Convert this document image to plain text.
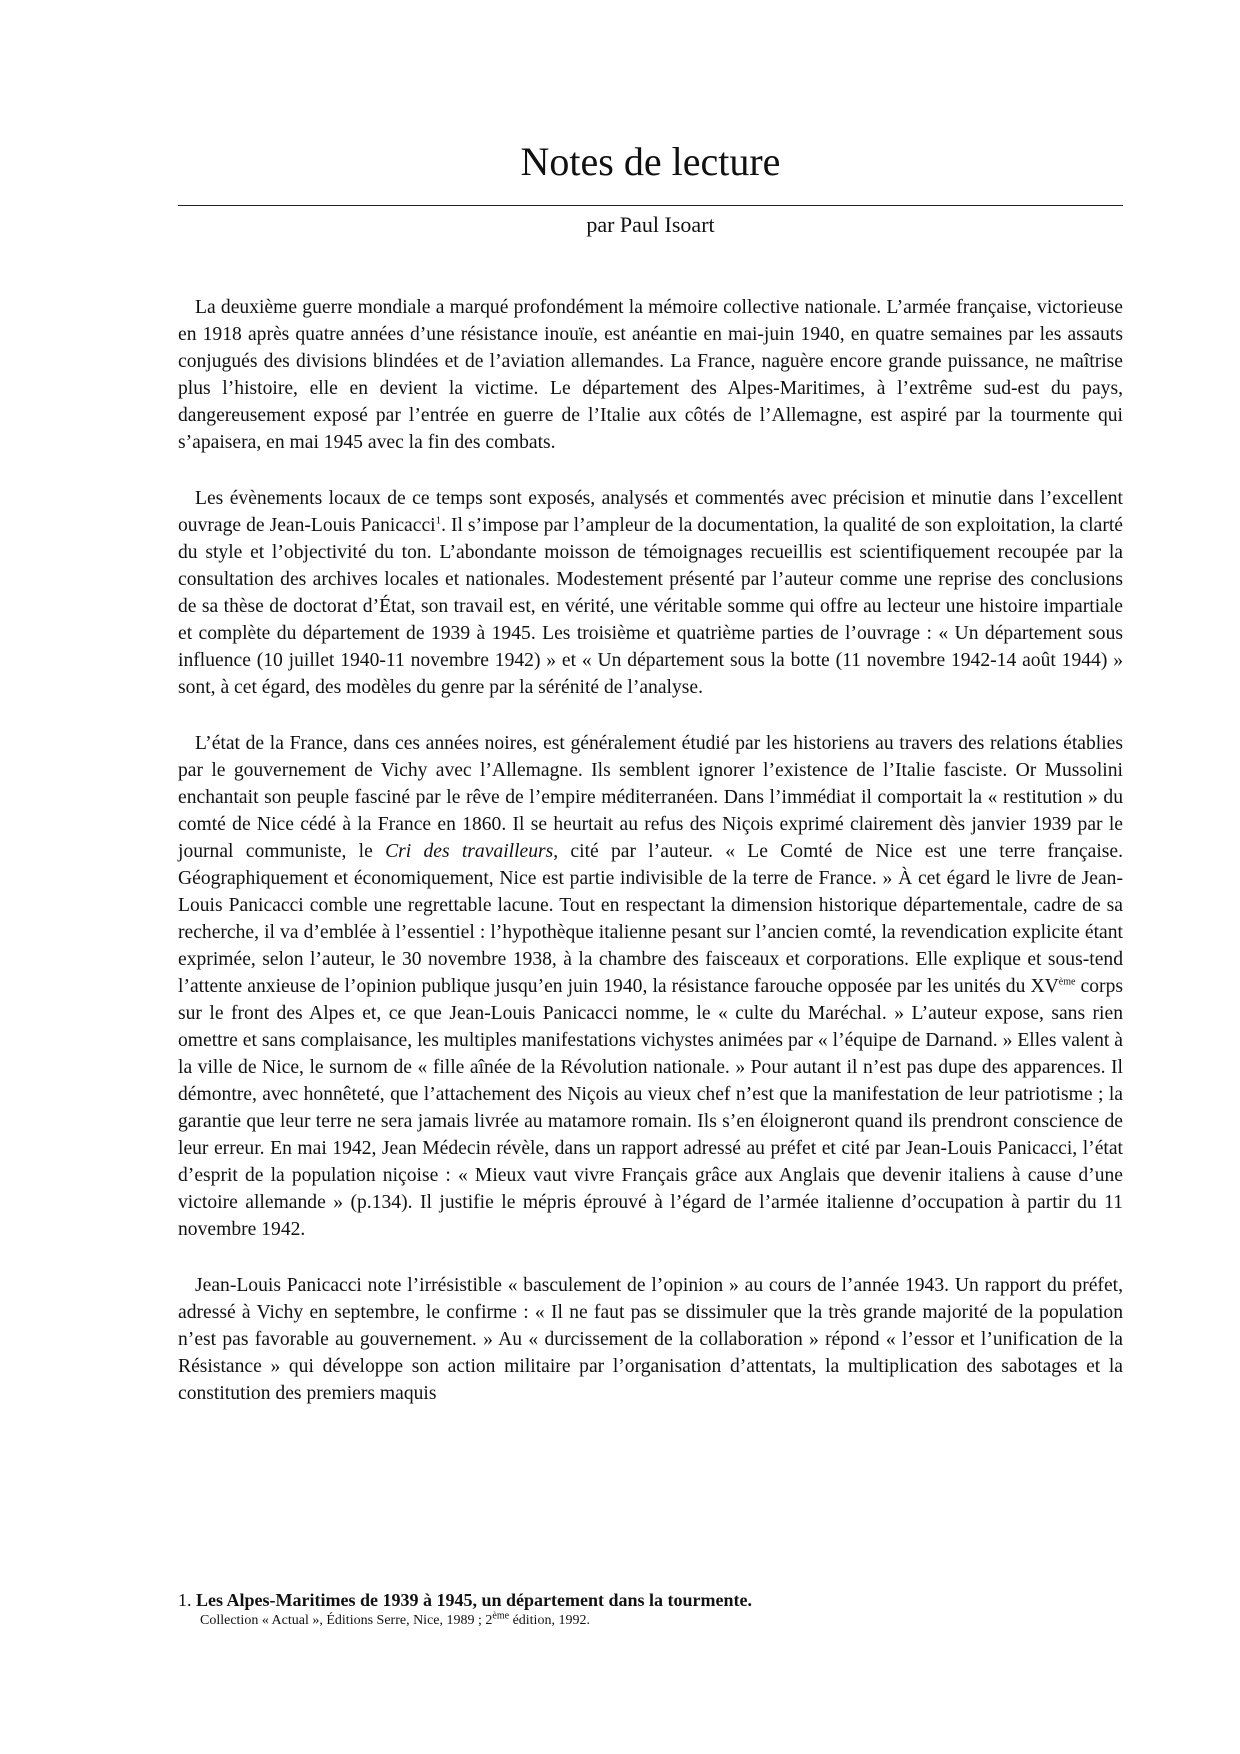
Notes de lecture
par Paul Isoart

La deuxième guerre mondiale a marqué profondément la mémoire collective nationale. L’armée française, victorieuse en 1918 après quatre années d’une résistance inouïe, est anéantie en mai-juin 1940, en quatre semaines par les assauts conjugués des divisions blindées et de l’aviation allemandes. La France, naguère encore grande puissance, ne maîtrise plus l’histoire, elle en devient la victime. Le département des Alpes-Maritimes, à l’extrême sud-est du pays, dangereusement exposé par l’entrée en guerre de l’Italie aux côtés de l’Allemagne, est aspiré par la tourmente qui s’apaisera, en mai 1945 avec la fin des combats.

Les évènements locaux de ce temps sont exposés, analysés et commentés avec précision et minutie dans l’excellent ouvrage de Jean-Louis Panicacci$^1$. Il s’impose par l’ampleur de la documentation, la qualité de son exploitation, la clarté du style et l’objectivité du ton. L’abondante moisson de témoignages recueillis est scientifiquement recoupée par la consultation des archives locales et nationales. Modestement présenté par l’auteur comme une reprise des conclusions de sa thèse de doctorat d’État, son travail est, en vérité, une véritable somme qui offre au lecteur une histoire impartiale et complète du département de 1939 à 1945. Les troisième et quatrième parties de l’ouvrage : « Un département sous influence (10 juillet 1940-11 novembre 1942) » et « Un département sous la botte (11 novembre 1942-14 août 1944) » sont, à cet égard, des modèles du genre par la sérénité de l’analyse.

L’état de la France, dans ces années noires, est généralement étudié par les historiens au travers des relations établies par le gouvernement de Vichy avec l’Allemagne. Ils semblent ignorer l’existence de l’Italie fasciste. Or Mussolini enchantait son peuple fasciné par le rêve de l’empire méditerranéen. Dans l’immédiat il comportait la « restitution » du comté de Nice cédé à la France en 1860. Il se heurtait au refus des Niçois exprimé clairement dès janvier 1939 par le journal communiste, le Cri des travailleurs, cité par l’auteur. « Le Comté de Nice est une terre française. Géographiquement et économiquement, Nice est partie indivisible de la terre de France. » À cet égard le livre de Jean-Louis Panicacci comble une regrettable lacune. Tout en respectant la dimension historique départementale, cadre de sa recherche, il va d’emblée à l’essentiel : l’hypothèque italienne pesant sur l’ancien comté, la revendication explicite étant exprimée, selon l’auteur, le 30 novembre 1938, à la chambre des faisceaux et corporations. Elle explique et sous-tend l’attente anxieuse de l’opinion publique jusqu’en juin 1940, la résistance farouche opposée par les unités du XVème corps sur le front des Alpes et, ce que Jean-Louis Panicacci nomme, le « culte du Maréchal. » L’auteur expose, sans rien omettre et sans complaisance, les multiples manifestations vichystes animées par « l’équipe de Darnand. » Elles valent à la ville de Nice, le surnom de « fille aînée de la Révolution nationale. » Pour autant il n’est pas dupe des apparences. Il démontre, avec honnêteté, que l’attachement des Niçois au vieux chef n’est que la manifestation de leur patriotisme ; la garantie que leur terre ne sera jamais livrée au matamore romain. Ils s’en éloigneront quand ils prendront conscience de leur erreur. En mai 1942, Jean Médecin révèle, dans un rapport adressé au préfet et cité par Jean-Louis Panicacci, l’état d’esprit de la population niçoise : « Mieux vaut vivre Français grâce aux Anglais que devenir italiens à cause d’une victoire allemande » (p.134). Il justifie le mépris éprouvé à l’égard de l’armée italienne d’occupation à partir du 11 novembre 1942.

Jean-Louis Panicacci note l’irrésistible « basculement de l’opinion » au cours de l’année 1943. Un rapport du préfet, adressé à Vichy en septembre, le confirme : « Il ne faut pas se dissimuler que la très grande majorité de la population n’est pas favorable au gouvernement. » Au « durcissement de la collaboration » répond « l’essor et l’unification de la Résistance » qui développe son action militaire par l’organisation d’attentats, la multiplication des sabotages et la constitution des premiers maquis

1. Les Alpes-Maritimes de 1939 à 1945, un département dans la tourmente.
Collection « Actual », Éditions Serre, Nice, 1989 ; 2ème édition, 1992.
